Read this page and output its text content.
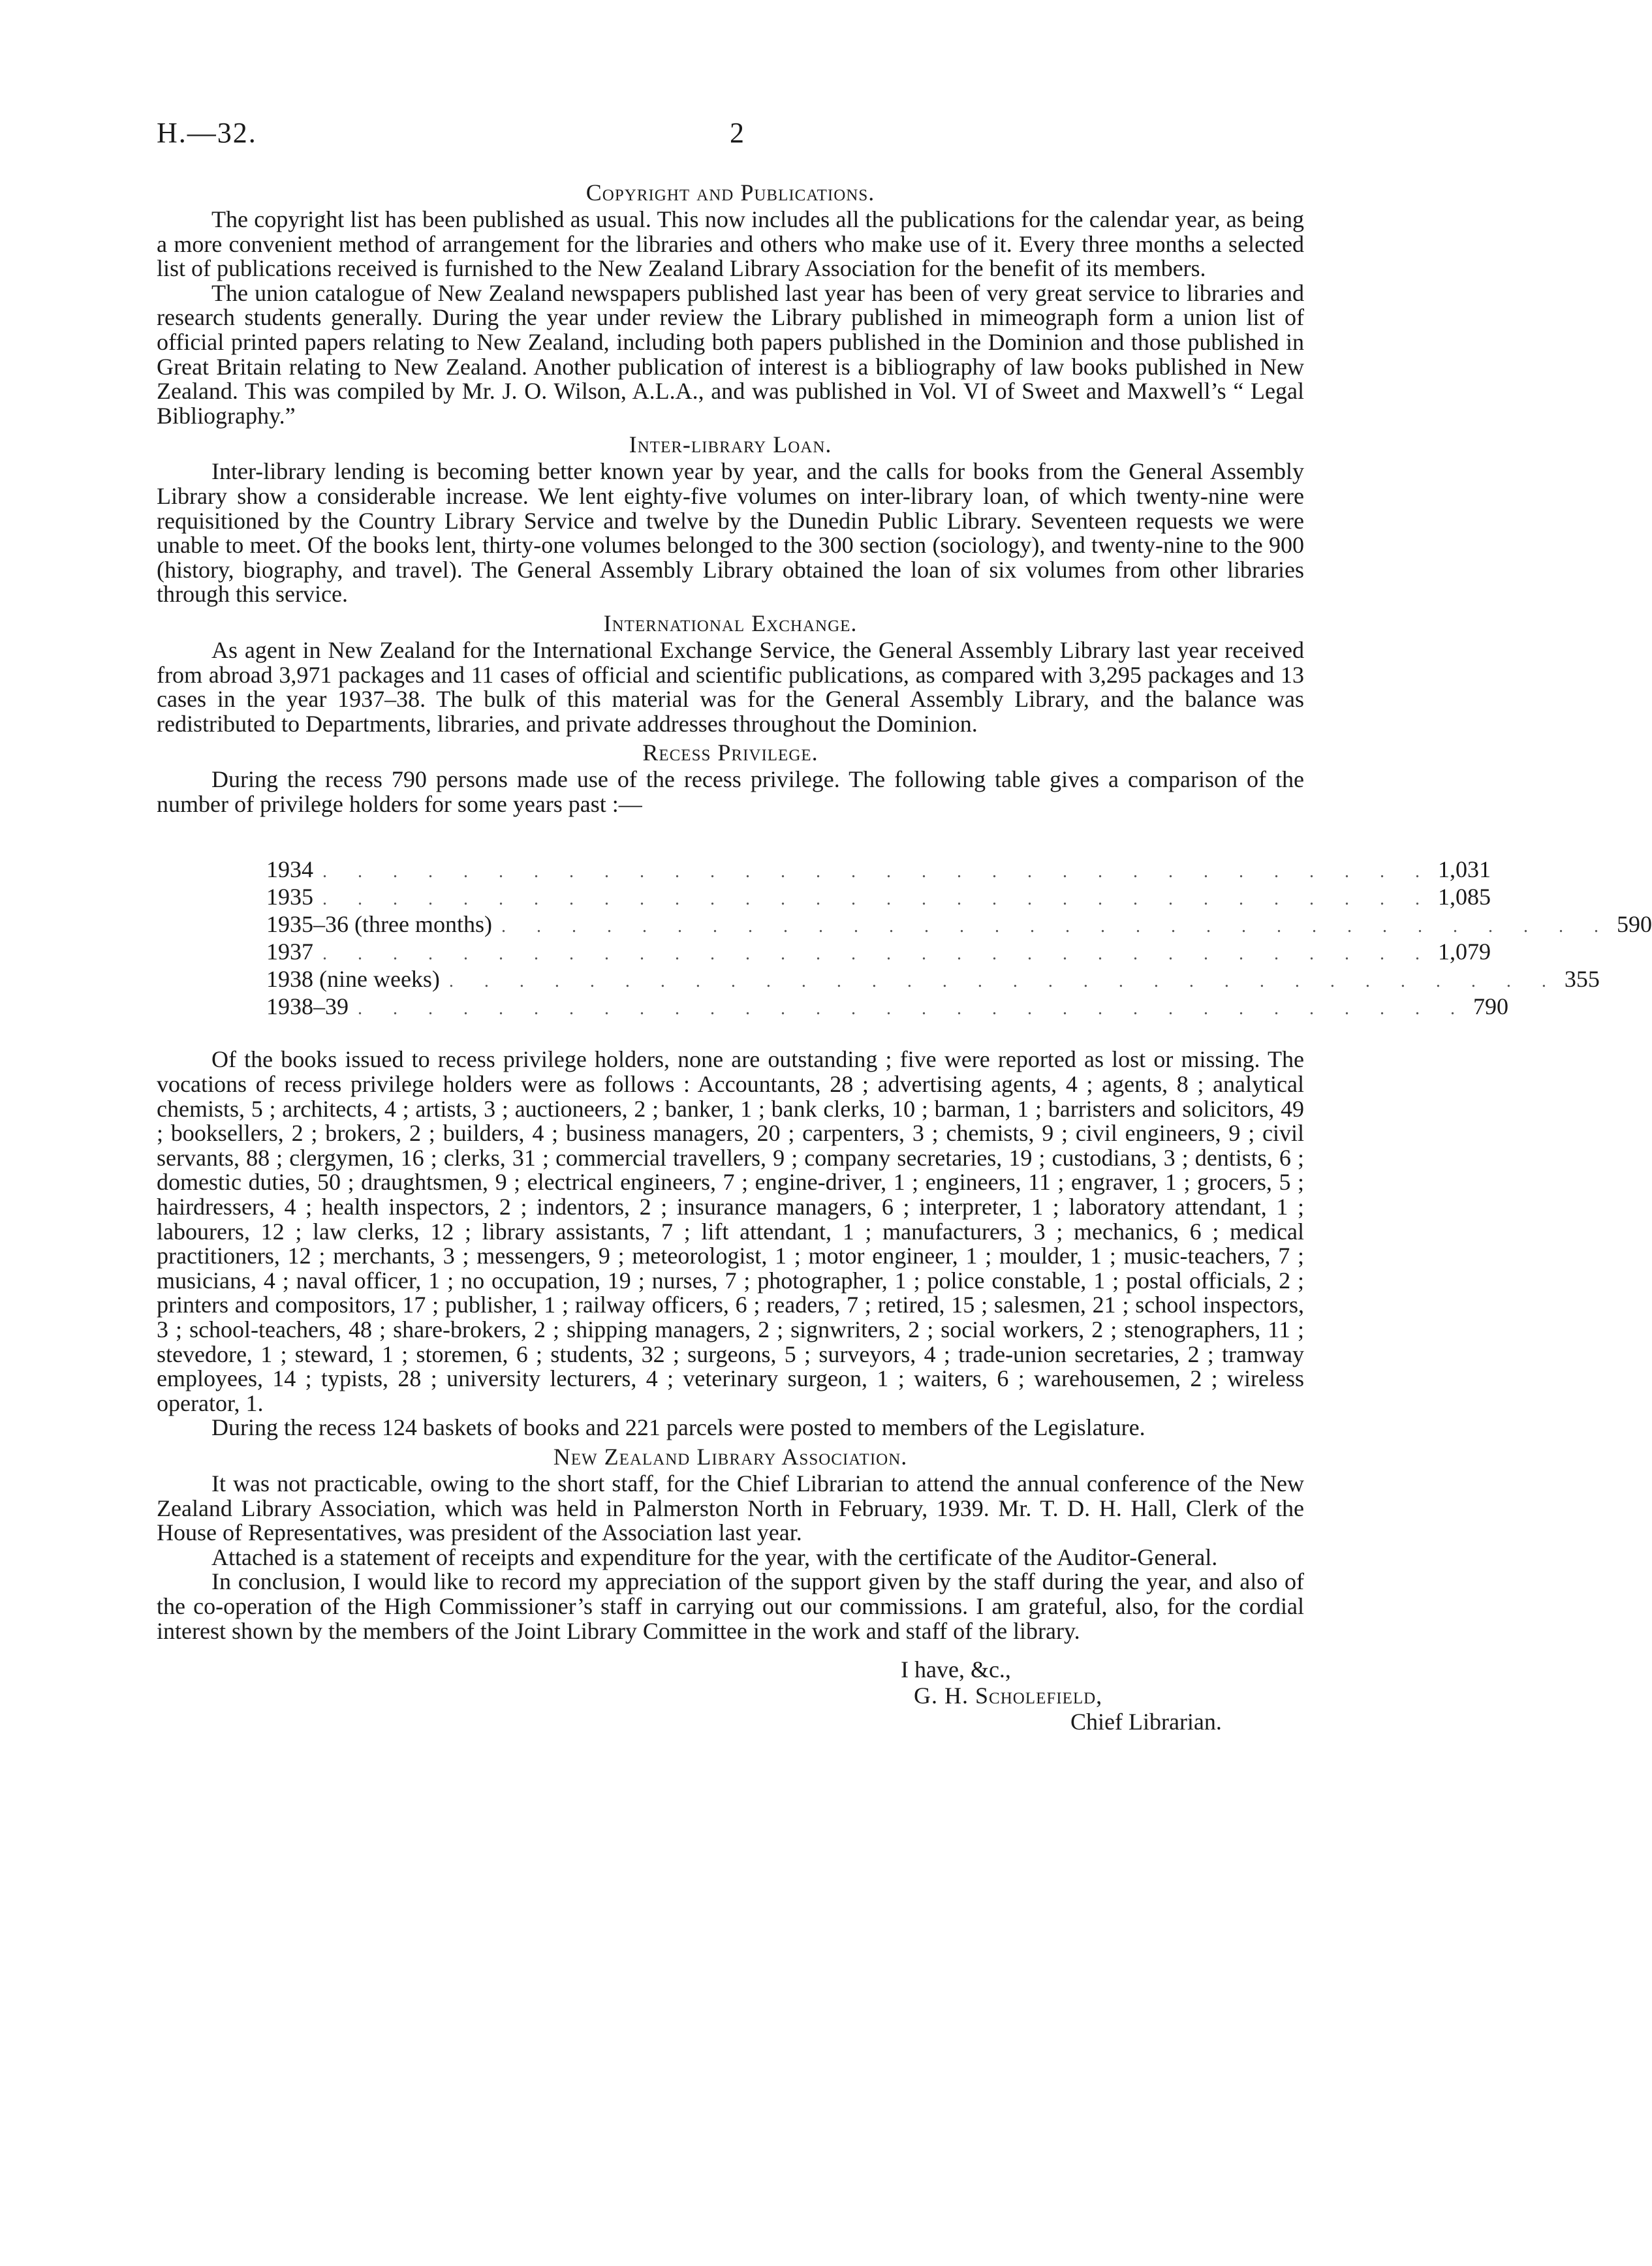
H.—32.	2
Copyright and Publications.

The copyright list has been published as usual. This now includes all the publications for the calendar year, as being a more convenient method of arrangement for the libraries and others who make use of it. Every three months a selected list of publications received is furnished to the New Zealand Library Association for the benefit of its members.

The union catalogue of New Zealand newspapers published last year has been of very great service to libraries and research students generally. During the year under review the Library published in mimeograph form a union list of official printed papers relating to New Zealand, including both papers published in the Dominion and those published in Great Britain relating to New Zealand. Another publication of interest is a bibliography of law books published in New Zealand. This was compiled by Mr. J. O. Wilson, A.L.A., and was published in Vol. VI of Sweet and Maxwell’s “ Legal Bibliography.”

Inter-library Loan.

Inter-library lending is becoming better known year by year, and the calls for books from the General Assembly Library show a considerable increase. We lent eighty-five volumes on inter-library loan, of which twenty-nine were requisitioned by the Country Library Service and twelve by the Dunedin Public Library. Seventeen requests we were unable to meet. Of the books lent, thirty-one volumes belonged to the 300 section (sociology), and twenty-nine to the 900 (history, biography, and travel). The General Assembly Library obtained the loan of six volumes from other libraries through this service.

International Exchange.

As agent in New Zealand for the International Exchange Service, the General Assembly Library last year received from abroad 3,971 packages and 11 cases of official and scientific publications, as compared with 3,295 packages and 13 cases in the year 1937–38. The bulk of this material was for the General Assembly Library, and the balance was redistributed to Departments, libraries, and private addresses throughout the Dominion.

Recess Privilege.

During the recess 790 persons made use of the recess privilege. The following table gives a comparison of the number of privilege holders for some years past :—

1934 . . . . . . . . . . . . . . . . . . . . . . . . . . . . . . . . 1,031
1935 . . . . . . . . . . . . . . . . . . . . . . . . . . . . . . . . 1,085
1935–36 (three months) . . . . . . . . . . . . . . . . . . . . . . . . . . . . . . . . 590
1937 . . . . . . . . . . . . . . . . . . . . . . . . . . . . . . . . 1,079
1938 (nine weeks) . . . . . . . . . . . . . . . . . . . . . . . . . . . . . . . . 355
1938–39 . . . . . . . . . . . . . . . . . . . . . . . . . . . . . . . . 790

Of the books issued to recess privilege holders, none are outstanding ; five were reported as lost or missing. The vocations of recess privilege holders were as follows : Accountants, 28 ; advertising agents, 4 ; agents, 8 ; analytical chemists, 5 ; architects, 4 ; artists, 3 ; auctioneers, 2 ; banker, 1 ; bank clerks, 10 ; barman, 1 ; barristers and solicitors, 49 ; booksellers, 2 ; brokers, 2 ; builders, 4 ; business managers, 20 ; carpenters, 3 ; chemists, 9 ; civil engineers, 9 ; civil servants, 88 ; clergymen, 16 ; clerks, 31 ; commercial travellers, 9 ; company secretaries, 19 ; custodians, 3 ; dentists, 6 ; domestic duties, 50 ; draughtsmen, 9 ; electrical engineers, 7 ; engine-driver, 1 ; engineers, 11 ; engraver, 1 ; grocers, 5 ; hairdressers, 4 ; health inspectors, 2 ; indentors, 2 ; insurance managers, 6 ; interpreter, 1 ; laboratory attendant, 1 ; labourers, 12 ; law clerks, 12 ; library assistants, 7 ; lift attendant, 1 ; manufacturers, 3 ; mechanics, 6 ; medical practitioners, 12 ; merchants, 3 ; messengers, 9 ; meteorologist, 1 ; motor engineer, 1 ; moulder, 1 ; music-teachers, 7 ; musicians, 4 ; naval officer, 1 ; no occupation, 19 ; nurses, 7 ; photographer, 1 ; police constable, 1 ; postal officials, 2 ; printers and compositors, 17 ; publisher, 1 ; railway officers, 6 ; readers, 7 ; retired, 15 ; salesmen, 21 ; school inspectors, 3 ; school-teachers, 48 ; share-brokers, 2 ; shipping managers, 2 ; signwriters, 2 ; social workers, 2 ; stenographers, 11 ; stevedore, 1 ; steward, 1 ; storemen, 6 ; students, 32 ; surgeons, 5 ; surveyors, 4 ; trade-union secretaries, 2 ; tramway employees, 14 ; typists, 28 ; university lecturers, 4 ; veterinary surgeon, 1 ; waiters, 6 ; warehousemen, 2 ; wireless operator, 1.

During the recess 124 baskets of books and 221 parcels were posted to members of the Legislature.

New Zealand Library Association.

It was not practicable, owing to the short staff, for the Chief Librarian to attend the annual conference of the New Zealand Library Association, which was held in Palmerston North in February, 1939. Mr. T. D. H. Hall, Clerk of the House of Representatives, was president of the Association last year.

Attached is a statement of receipts and expenditure for the year, with the certificate of the Auditor-General.

In conclusion, I would like to record my appreciation of the support given by the staff during the year, and also of the co-operation of the High Commissioner’s staff in carrying out our commissions. I am grateful, also, for the cordial interest shown by the members of the Joint Library Committee in the work and staff of the library.

I have, &c.,
G. H. Scholefield,
Chief Librarian.
